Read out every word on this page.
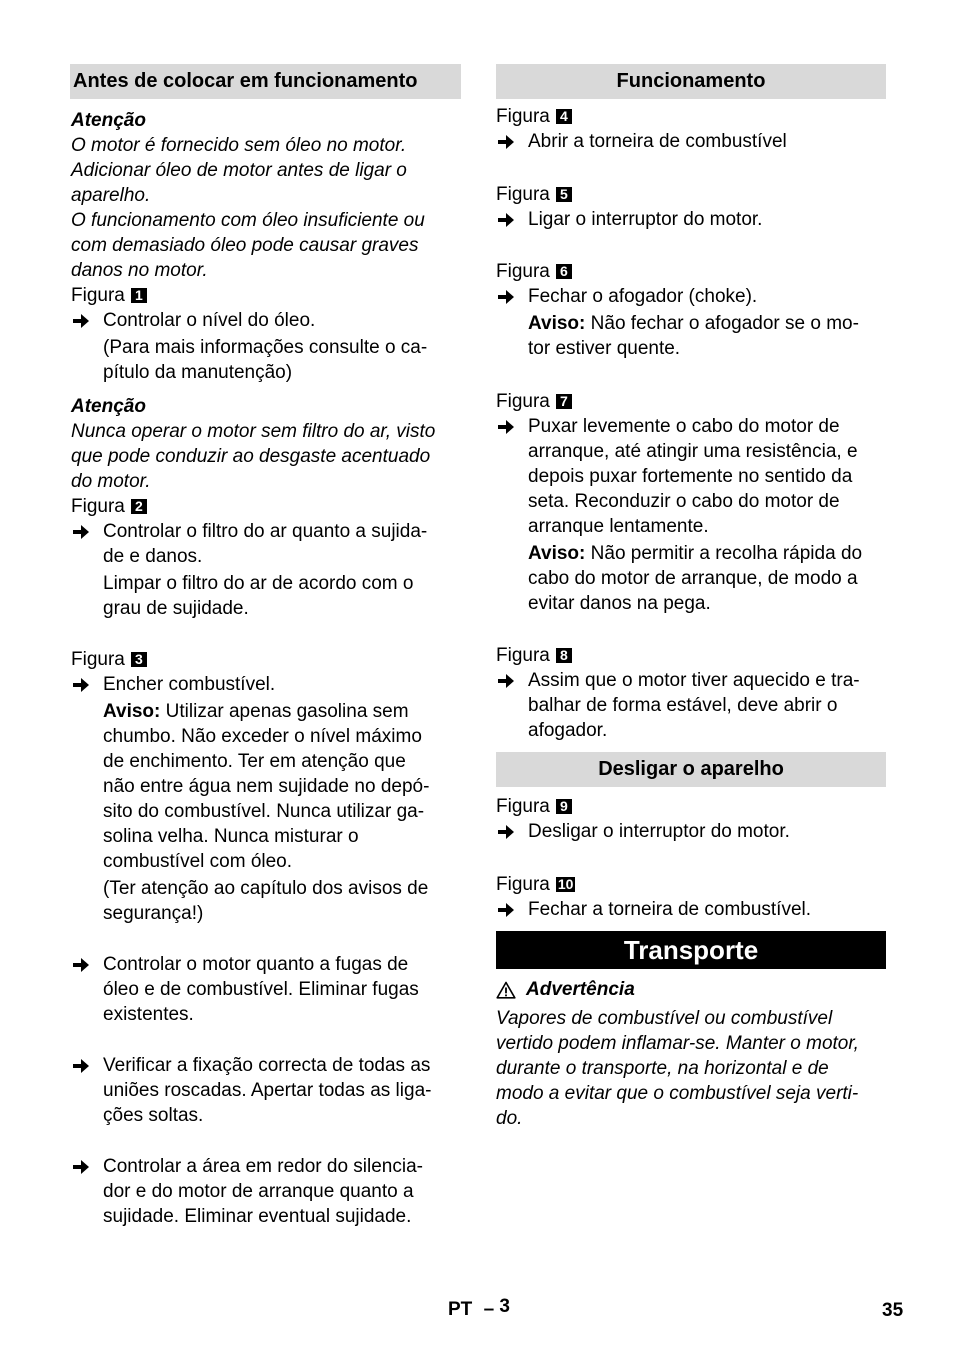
Antes de colocar em funcionamento
Atenção
O motor é fornecido sem óleo no motor.
Adicionar óleo de motor antes de ligar o
aparelho.
O funcionamento com óleo insuficiente ou
com demasiado óleo pode causar graves
danos no motor.
Figura 1
Controlar o nível do óleo.
(Para mais informações consulte o ca-
pítulo da manutenção)
Atenção
Nunca operar o motor sem filtro do ar, visto
que pode conduzir ao desgaste acentuado
do motor.
Figura 2
Controlar o filtro do ar quanto a sujida-
de e danos.
Limpar o filtro do ar de acordo com o
grau de sujidade.
Figura 3
Encher combustível.
Aviso: Utilizar apenas gasolina sem
chumbo. Não exceder o nível máximo
de enchimento. Ter em atenção que
não entre água nem sujidade no depó-
sito do combustível. Nunca utilizar ga-
solina velha. Nunca misturar o
combustível com óleo.
(Ter atenção ao capítulo dos avisos de
segurança!)
Controlar o motor quanto a fugas de
óleo e de combustível. Eliminar fugas
existentes.
Verificar a fixação correcta de todas as
uniões roscadas. Apertar todas as liga-
ções soltas.
Controlar a área em redor do silencia-
dor e do motor de arranque quanto a
sujidade. Eliminar eventual sujidade.
Funcionamento
Figura 4
Abrir a torneira de combustível
Figura 5
Ligar o interruptor do motor.
Figura 6
Fechar o afogador (choke).
Aviso: Não fechar o afogador se o mo-
tor estiver quente.
Figura 7
Puxar levemente o cabo do motor de
arranque, até atingir uma resistência, e
depois puxar fortemente no sentido da
seta. Reconduzir o cabo do motor de
arranque lentamente.
Aviso: Não permitir a recolha rápida do
cabo do motor de arranque, de modo a
evitar danos na pega.
Figura 8
Assim que o motor tiver aquecido e tra-
balhar de forma estável, deve abrir o
afogador.
Desligar o aparelho
Figura 9
Desligar o interruptor do motor.
Figura 10
Fechar a torneira de combustível.
Transporte
Advertência
Vapores de combustível ou combustível
vertido podem inflamar-se. Manter o motor,
durante o transporte, na horizontal e de
modo a evitar que o combustível seja verti-
do.
PT – 3	35
